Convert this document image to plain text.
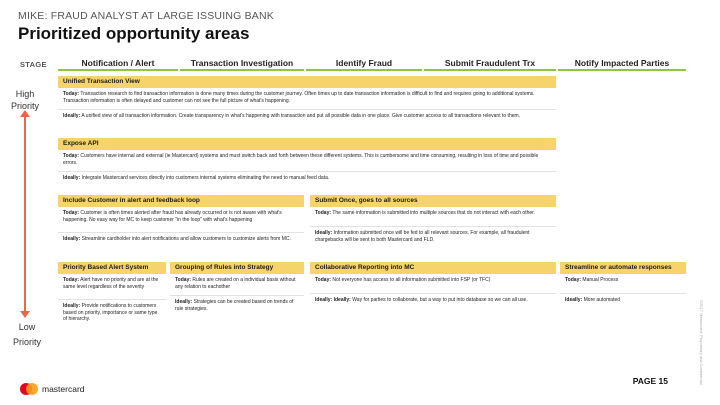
MIKE: FRAUD ANALYST AT LARGE ISSUING BANK
Prioritized opportunity areas
STAGE	Notification / Alert	Transaction Investigation	Identify Fraud	Submit Fraudulent Trx	Notify Impacted Parties
High
Priority
Low
Priority
Unified Transaction View
Today: Transaction research to find transaction information is done many times during the customer journey. Often times up to date transaction information is difficult to find and requires going to additional systems. Transaction information is often delayed and customer can not see the full picture of what's happening.
Ideally: A unified view of all transaction information. Create transparency in what's happening with transaction and put all possible data in one place. Give customer access to all transactions relevant to them.
Expose API
Today: Customers have internal and external (ie Mastercard) systems and must switch back and forth between these different systems. This is cumbersome and time consuming, resulting in loss of time and possible errors.
Ideally: Integrate Mastercard services directly into customers internal systems eliminating the need to manual feed data.
Include Customer in alert and feedback loop
Today: Customer is often times alerted after fraud has already occurred or is not aware with what's happening. No easy way for MC to keep customer "in the loop" with what's happening
Ideally: Streamline cardholder into alert notifications and allow customers to customize alerts from MC.
Submit Once, goes to all sources
Today: The same information is submitted into multiple sources that do not interact with each other.
Ideally: Information submitted once will be fed to all relevant sources. For example, all fraudulent chargebacks will be sent to both Mastercard and FLD.
Priority Based Alert System
Today: Alert have no priority and are at the same level regardless of the severity
Ideally: Provide notifications to customers based on priority, importance or same type of hierarchy.
Grouping of Rules into Strategy
Today: Rules are created on a individual basis without any relation to eachother
Ideally: Strategies can be created based on trends of rule strategies.
Collaborative Reporting into MC
Today: Not everyone has access to all information submitted into FSP (or TFC)
Ideally: Ideally: Way for parties to collaborate, but a way to put into database so we can all use.
Streamline or automate responses
Today: Manual Process
Ideally: More automated
PAGE 15
mastercard
©2017 Mastercard. Proprietary and Confidential.
